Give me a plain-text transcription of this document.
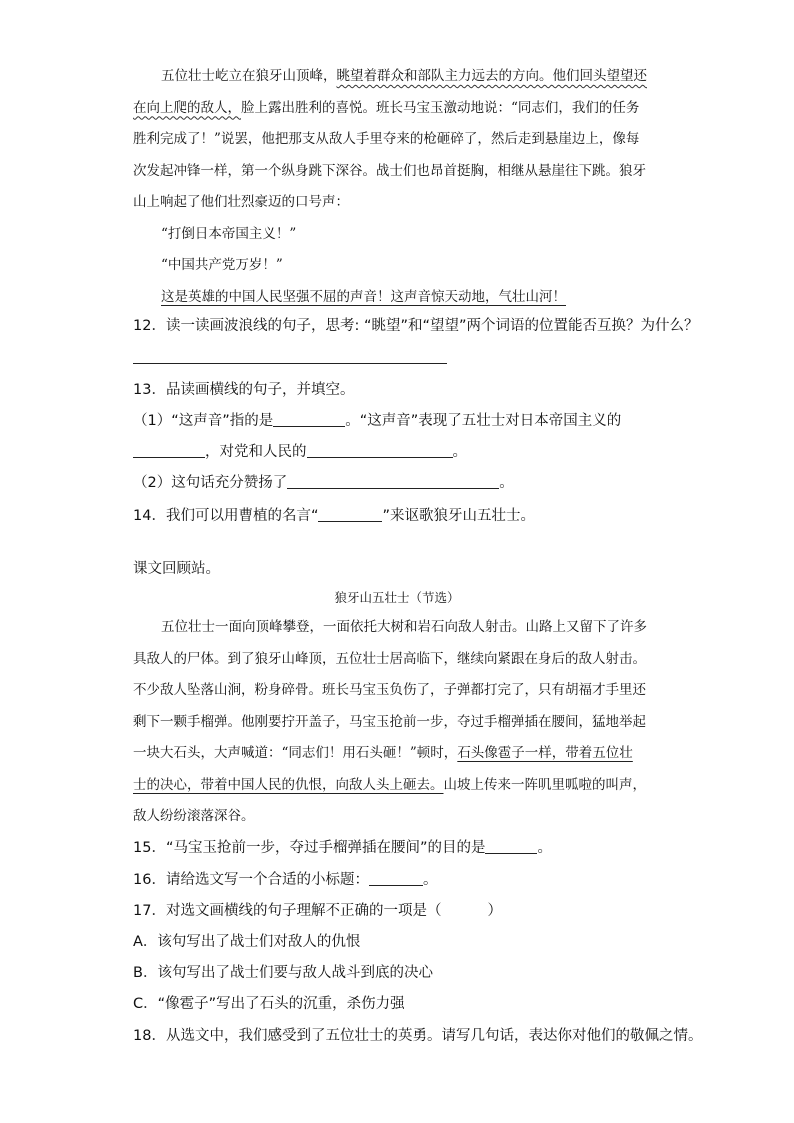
五位壮士屹立在狼牙山顶峰，眺望着群众和部队主力远去的方向。他们回头望望还

在向上爬的敌人，脸上露出胜利的喜悦。班长马宝玉激动地说：“同志们，我们的任务

胜利完成了！”说罢，他把那支从敌人手里夺来的枪砸碎了，然后走到悬崖边上，像每

次发起冲锋一样，第一个纵身跳下深谷。战士们也昂首挺胸，相继从悬崖往下跳。狼牙

山上响起了他们壮烈豪迈的口号声：

“打倒日本帝国主义！”

“中国共产党万岁！”

这是英雄的中国人民坚强不屈的声音！这声音惊天动地，气壮山河！

12．读一读画波浪线的句子，思考: “眺望”和“望望”两个词语的位置能否互换？为什么？
13．品读画横线的句子，并填空。
（1）“这声音”指的是	。“这声音”表现了五壮士对日本帝国主义的
，对党和人民的	。
（2）这句话充分赞扬了	。
14．我们可以用曹植的名言“	”来讴歌狼牙山五壮士。
课文回顾站。
狼牙山五壮士（节选）

五位壮士一面向顶峰攀登，一面依托大树和岩石向敌人射击。山路上又留下了许多

具敌人的尸体。到了狼牙山峰顶，五位壮士居高临下，继续向紧跟在身后的敌人射击。

不少敌人坠落山涧，粉身碎骨。班长马宝玉负伤了，子弹都打完了，只有胡福才手里还

剩下一颗手榴弹。他刚要拧开盖子，马宝玉抢前一步，夺过手榴弹插在腰间，猛地举起

一块大石头，大声喊道：“同志们！用石头砸！”顿时，石头像雹子一样，带着五位壮

士的决心，带着中国人民的仇恨，向敌人头上砸去。山坡上传来一阵叽里呱啦的叫声，

敌人纷纷滚落深谷。

15．“马宝玉抢前一步，夺过手榴弹插在腰间”的目的是	。
16．请给选文写一个合适的小标题：	。
17．对选文画横线的句子理解不正确的一项是（          ）
A．该句写出了战士们对敌人的仇恨
B．该句写出了战士们要与敌人战斗到底的决心
C．“像雹子”写出了石头的沉重，杀伤力强
18．从选文中，我们感受到了五位壮士的英勇。请写几句话，表达你对他们的敬佩之情。
